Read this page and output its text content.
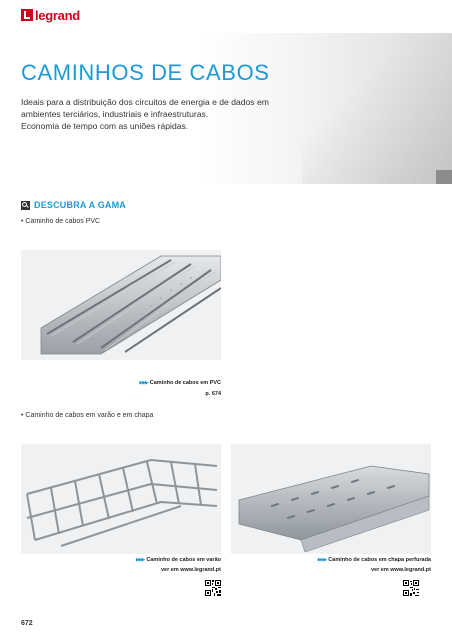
legrand
CAMINHOS DE CABOS
Ideais para a distribuição dos circuitos de energia e de dados em
ambientes terciários, industriais e infraestruturas.
Economia de tempo com as uniões rápidas.
DESCUBRA A GAMA
• Caminho de cabos PVC
▶▶▶ Caminho de cabos em PVC
p. 674
• Caminho de cabos em varão e em chapa
▶▶▶ Caminho de cabos em varão
ver em www.legrand.pt
▶▶▶ Caminho de cabos em chapa perfurada
ver em www.legrand.pt
672
